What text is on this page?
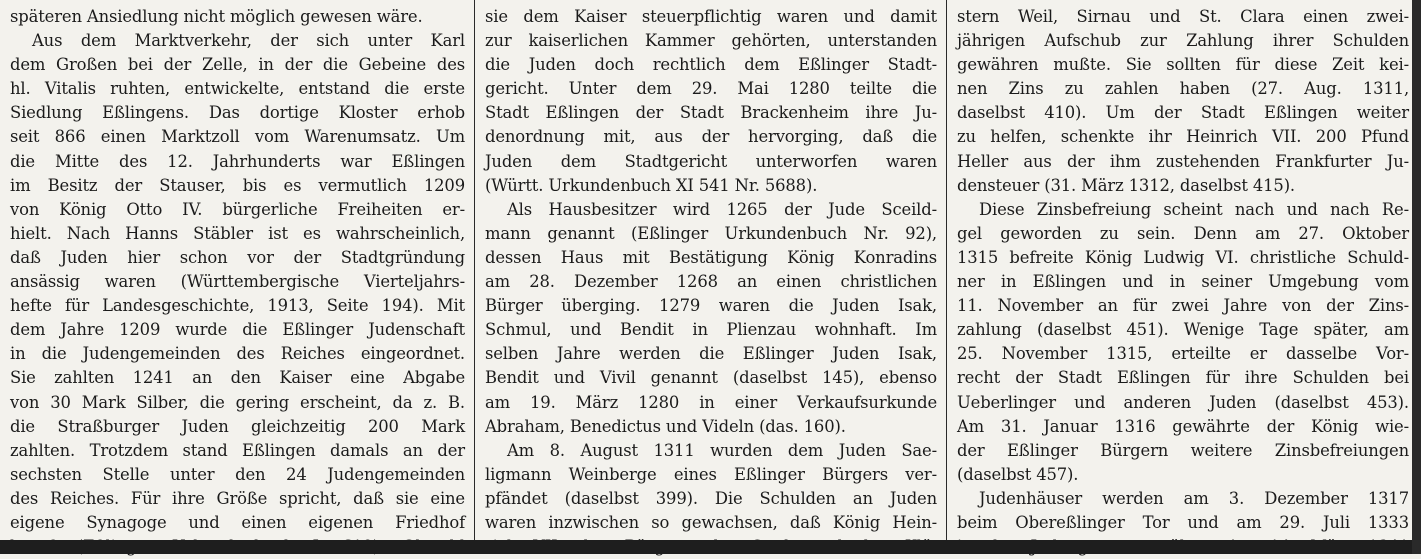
späteren Ansiedlung nicht möglich gewesen wäre.
Aus dem Marktverkehr, der sich unter Karl
dem Großen bei der Zelle, in der die Gebeine des
hl. Vitalis ruhten, entwickelte, entstand die erste
Siedlung Eßlingens. Das dortige Kloster erhob
seit 866 einen Marktzoll vom Warenumsatz. Um
die Mitte des 12. Jahrhunderts war Eßlingen
im Besitz der Stauser, bis es vermutlich 1209
von König Otto IV. bürgerliche Freiheiten er-
hielt. Nach Hanns Stäbler ist es wahrscheinlich,
daß Juden hier schon vor der Stadtgründung
ansässig waren (Württembergische Vierteljahrs-
hefte für Landesgeschichte, 1913, Seite 194). Mit
dem Jahre 1209 wurde die Eßlinger Judenschaft
in die Judengemeinden des Reiches eingeordnet.
Sie zahlten 1241 an den Kaiser eine Abgabe
von 30 Mark Silber, die gering erscheint, da z. B.
die Straßburger Juden gleichzeitig 200 Mark
zahlten. Trotzdem stand Eßlingen damals an der
sechsten Stelle unter den 24 Judengemeinden
des Reiches. Für ihre Größe spricht, daß sie eine
eigene Synagoge und einen eigenen Friedhof
sie dem Kaiser steuerpflichtig waren und damit
zur kaiserlichen Kammer gehörten, unterstanden
die Juden doch rechtlich dem Eßlinger Stadt-
gericht. Unter dem 29. Mai 1280 teilte die
Stadt Eßlingen der Stadt Brackenheim ihre Ju-
denordnung mit, aus der hervorging, daß die
Juden dem Stadtgericht unterworfen waren
(Württ. Urkundenbuch XI 541 Nr. 5688).
Als Hausbesitzer wird 1265 der Jude Sceild-
mann genannt (Eßlinger Urkundenbuch Nr. 92),
dessen Haus mit Bestätigung König Konradins
am 28. Dezember 1268 an einen christlichen
Bürger überging. 1279 waren die Juden Isak,
Schmul, und Bendit in Plienzau wohnhaft. Im
selben Jahre werden die Eßlinger Juden Isak,
Bendit und Vivil genannt (daselbst 145), ebenso
am 19. März 1280 in einer Verkaufsurkunde
Abraham, Benedictus und Videln (das. 160).
Am 8. August 1311 wurden dem Juden Sae-
ligmann Weinberge eines Eßlinger Bürgers ver-
pfändet (daselbst 399). Die Schulden an Juden
waren inzwischen so gewachsen, daß König Hein-
stern Weil, Sirnau und St. Clara einen zwei-
jährigen Aufschub zur Zahlung ihrer Schulden
gewähren mußte. Sie sollten für diese Zeit kei-
nen Zins zu zahlen haben (27. Aug. 1311,
daselbst 410). Um der Stadt Eßlingen weiter
zu helfen, schenkte ihr Heinrich VII. 200 Pfund
Heller aus der ihm zustehenden Frankfurter Ju-
densteuer (31. März 1312, daselbst 415).
Diese Zinsbefreiung scheint nach und nach Re-
gel geworden zu sein. Denn am 27. Oktober
1315 befreite König Ludwig VI. christliche Schuld-
ner in Eßlingen und in seiner Umgebung vom
11. November an für zwei Jahre von der Zins-
zahlung (daselbst 451). Wenige Tage später, am
25. November 1315, erteilte er dasselbe Vor-
recht der Stadt Eßlingen für ihre Schulden bei
Ueberlinger und anderen Juden (daselbst 453).
Am 31. Januar 1316 gewährte der König wie-
der Eßlinger Bürgern weitere Zinsbefreiungen
(daselbst 457).
Judenhäuser werden am 3. Dezember 1317
beim Obereßlinger Tor und am 29. Juli 1333
